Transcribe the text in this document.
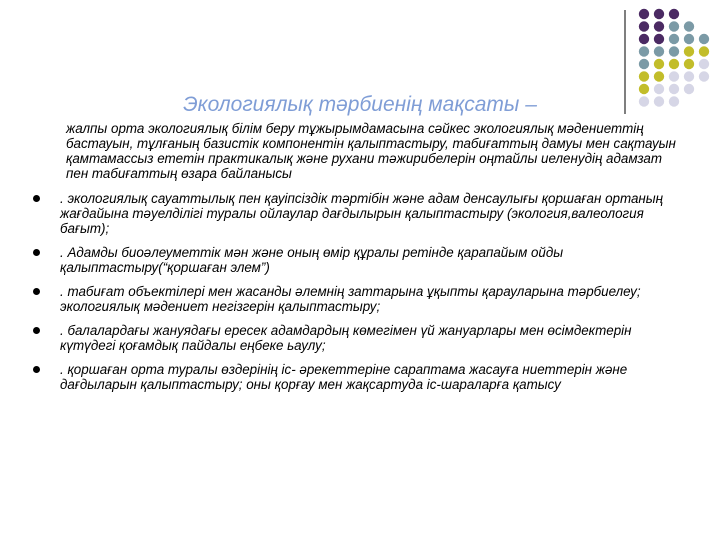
Экологиялық тәрбиенің мақсаты –

жалпы орта экологиялық білім беру тұжырымдамасына сәйкес экологиялық мәдениеттің бастауын, тұлғаның базистік компонентін қалыптастыру, табиғаттың дамуы мен сақтауын қамтамассыз ететін практикалық және рухани тәжирибелерін оңтайлы иеленудің адамзат пен табиғаттың өзара байланысы

. экологиялық сауаттылық пен қауіпсіздік тәртібін және адам денсаулығы қоршаған ортаның жағдайына тәуелділігі туралы ойлаулар дағдылырын қалыптастыру (экология,валеология бағыт);
. Адамды биоәлеуметтік мән және оның өмір құралы ретінде қарапайым ойды қалыптастыру(“қоршаған элем”)
. табиғат объектілері мен жасанды әлемнің заттарына ұқыпты қарауларына тәрбиелеу; экологиялық мәдениет негізгерін қалыптастыру;
. балалардағы жануядағы ересек адамдардың көмегімен үй жануарлары мен өсімдектерін күтүдегі қоғамдық пайдалы еңбеке ьаулу;
. қоршаған орта туралы өздерінің іс- әрекеттеріне сараптама жасауға ниеттерін және дағдыларын қалыптастыру; оны қорғау мен жақсартуда іс-шараларға қатысу
